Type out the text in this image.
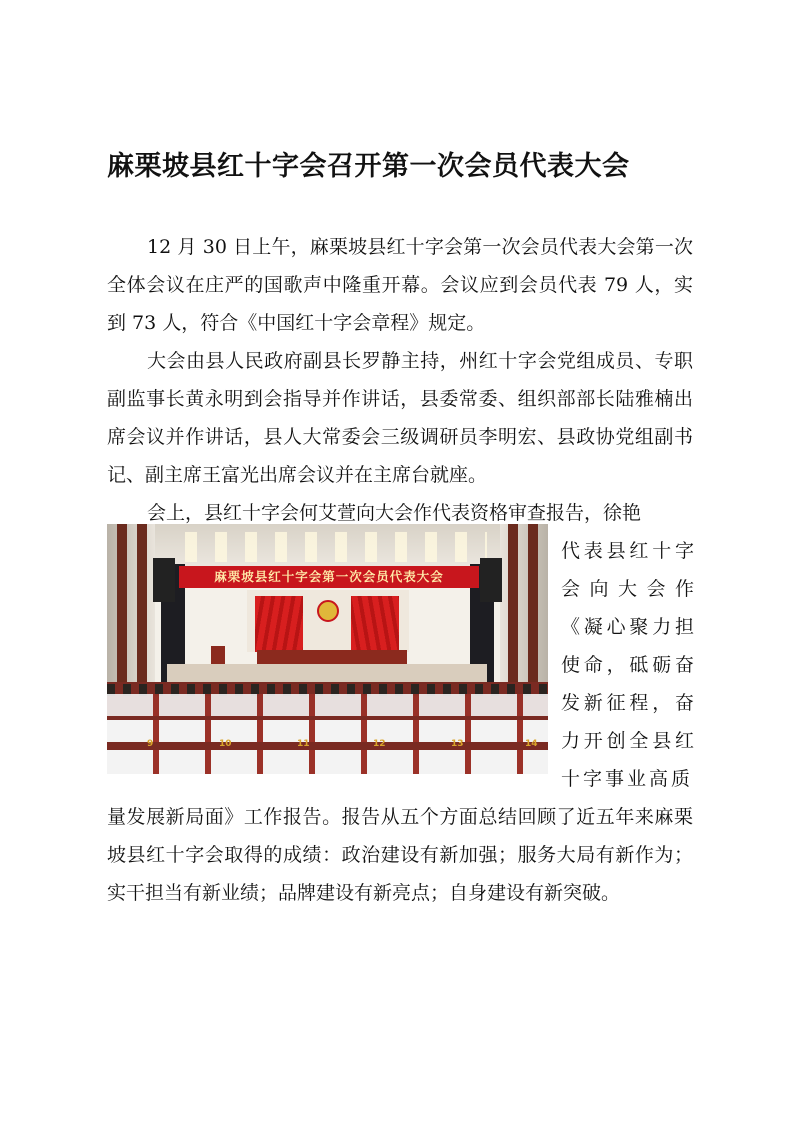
麻栗坡县红十字会召开第一次会员代表大会

12 月 30 日上午，麻栗坡县红十字会第一次会员代表大会第一次全体会议在庄严的国歌声中隆重开幕。会议应到会员代表 79 人，实到 73 人，符合《中国红十字会章程》规定。

大会由县人民政府副县长罗静主持，州红十字会党组成员、专职副监事长黄永明到会指导并作讲话，县委常委、组织部部长陆雅楠出席会议并作讲话，县人大常委会三级调研员李明宏、县政协党组副书记、副主席王富光出席会议并在主席台就座。

会上，县红十字会何艾萱向大会作代表资格审查报告，徐艳

麻栗坡县红十字会第一次会员代表大会
9	10	11	12	13	14

代表县红十字会向大会作《凝心聚力担使命，砥砺奋发新征程，奋力开创全县红十字事业高质

量发展新局面》工作报告。报告从五个方面总结回顾了近五年来麻栗坡县红十字会取得的成绩：政治建设有新加强；服务大局有新作为；实干担当有新业绩；品牌建设有新亮点；自身建设有新突破。
